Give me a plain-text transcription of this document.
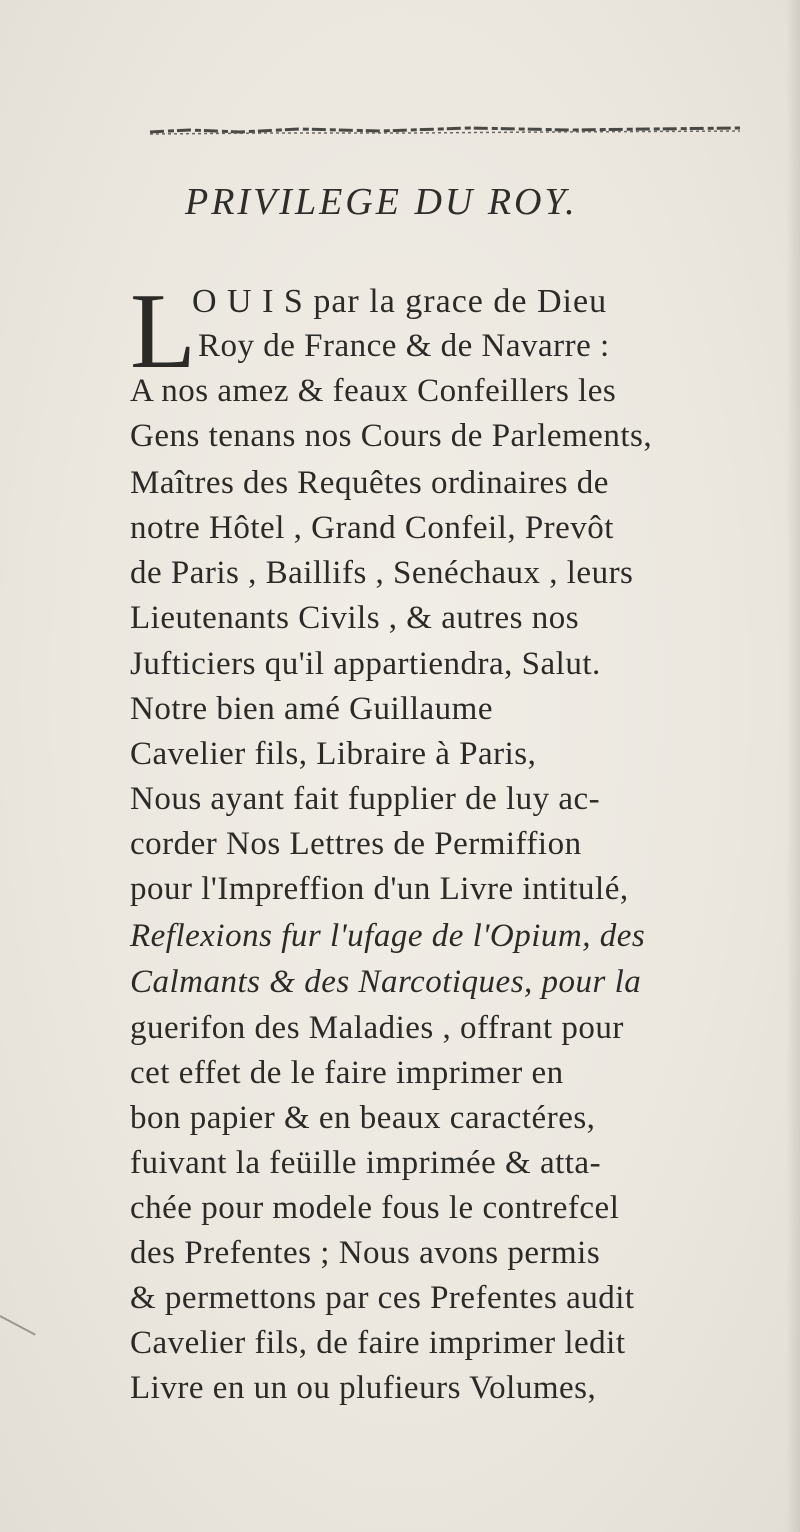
PRIVILEGE DU ROY.
L
O U I S par la grace de Dieu
Roy de France & de Navarre :
A nos amez & feaux Confeillers les
Gens tenans nos Cours de Parlements,
Maîtres des Requêtes ordinaires de
notre Hôtel , Grand Confeil, Prevôt
de Paris , Baillifs , Senéchaux , leurs
Lieutenants Civils , & autres nos
Jufticiers qu'il appartiendra, Salut.
Notre bien amé Guillaume
Cavelier fils, Libraire à Paris,
Nous ayant fait fupplier de luy ac-
corder Nos Lettres de Permiffion
pour l'Impreffion d'un Livre intitulé,
Reflexions fur l'ufage de l'Opium, des
Calmants & des Narcotiques, pour la
guerifon des Maladies , offrant pour
cet effet de le faire imprimer en
bon papier & en beaux caractéres,
fuivant la feüille imprimée & atta-
chée pour modele fous le contrefcel
des Prefentes ; Nous avons permis
& permettons par ces Prefentes audit
Cavelier fils, de faire imprimer ledit
Livre en un ou plufieurs Volumes,
